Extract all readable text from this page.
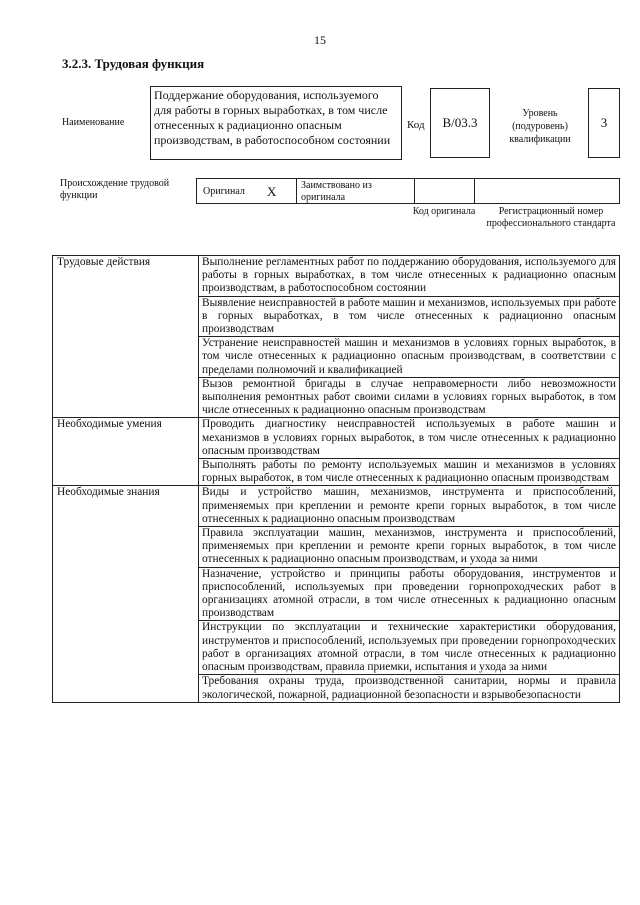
15
3.2.3. Трудовая функция
Наименование
Поддержание оборудования, используемого для работы в горных выработках, в том числе отнесенных к радиационно опасным производствам, в работоспособном состоянии
Код В/03.3
Уровень (подуровень) квалификации
3
Происхождение трудовой функции	Оригинал X Заимствовано из оригинала
Код оригинала	Регистрационный номер профессионального стандарта
Трудовые действия	Выполнение регламентных работ по поддержанию оборудования, используемого для работы в горных выработках, в том числе отнесенных к радиационно опасным производствам, в работоспособном состоянии
	Выявление неисправностей в работе машин и механизмов, используемых при работе в горных выработках, в том числе отнесенных к радиационно опасным производствам
	Устранение неисправностей машин и механизмов в условиях горных выработок, в том числе отнесенных к радиационно опасным производствам, в соответствии с пределами полномочий и квалификацией
	Вызов ремонтной бригады в случае неправомерности либо невозможности выполнения ремонтных работ своими силами в условиях горных выработок, в том числе отнесенных к радиационно опасным производствам
Необходимые умения	Проводить диагностику неисправностей используемых в работе машин и механизмов в условиях горных выработок, в том числе отнесенных к радиационно опасным производствам
	Выполнять работы по ремонту используемых машин и механизмов в условиях горных выработок, в том числе отнесенных к радиационно опасным производствам
Необходимые знания	Виды и устройство машин, механизмов, инструмента и приспособлений, применяемых при креплении и ремонте крепи горных выработок, в том числе отнесенных к радиационно опасным производствам
	Правила эксплуатации машин, механизмов, инструмента и приспособлений, применяемых при креплении и ремонте крепи горных выработок, в том числе отнесенных к радиационно опасным производствам, и ухода за ними
	Назначение, устройство и принципы работы оборудования, инструментов и приспособлений, используемых при проведении горнопроходческих работ в организациях атомной отрасли, в том числе отнесенных к радиационно опасным производствам
	Инструкции по эксплуатации и технические характеристики оборудования, инструментов и приспособлений, используемых при проведении горнопроходческих работ в организациях атомной отрасли, в том числе отнесенных к радиационно опасным производствам, правила приемки, испытания и ухода за ними
	Требования охраны труда, производственной санитарии, нормы и правила экологической, пожарной, радиационной безопасности и взрывобезопасности
